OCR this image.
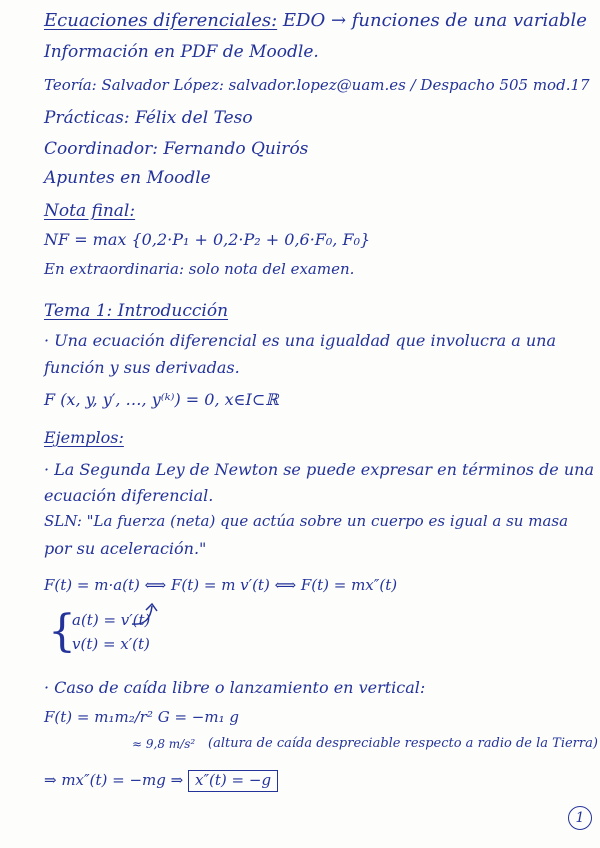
Ecuaciones diferenciales: EDO → funciones de una variable
Información en PDF de Moodle.
Teoría: Salvador López: salvador.lopez@uam.es / Despacho 505 mod.17
Prácticas: Félix del Teso
Coordinador: Fernando Quirós
Apuntes en Moodle
Nota final:
NF = max {0,2·P₁ + 0,2·P₂ + 0,6·F₀, F₀}
En extraordinaria: solo nota del examen.
Tema 1: Introducción
· Una ecuación diferencial es una igualdad que involucra a una
función y sus derivadas.
F (x, y, y′, …, y⁽ᵏ⁾) = 0, x∈I⊂ℝ
Ejemplos:
· La Segunda Ley de Newton se puede expresar en términos de una
ecuación diferencial.
SLN: "La fuerza (neta) que actúa sobre un cuerpo es igual a su masa
por su aceleración."
F(t) = m·a(t) ⟺ F(t) = m v′(t) ⟺ F(t) = mx″(t)
{
a(t) = v′(t)
v(t) = x′(t)
· Caso de caída libre o lanzamiento en vertical:
F(t) = m₁m₂/r² G = −m₁ g
≈ 9,8 m/s² (altura de caída despreciable respecto a radio de la Tierra)
⇒ mx″(t) = −mg ⇒ x″(t) = −g
1
